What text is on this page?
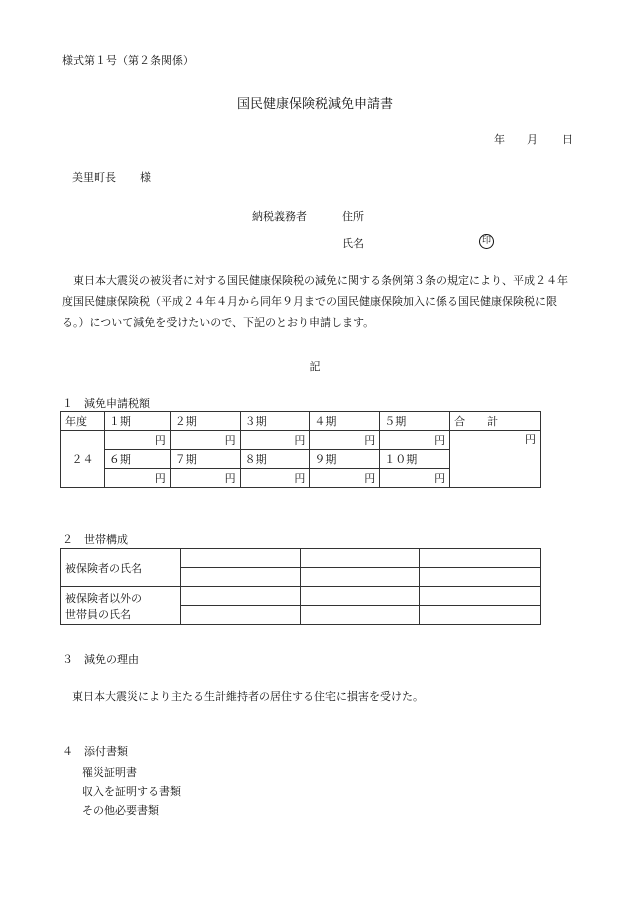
様式第１号（第２条関係）
国民健康保険税減免申請書
年 月 日
美里町長 様
納税義務者	住所
氏名	印
東日本大震災の被災者に対する国民健康保険税の減免に関する条例第３条の規定により、平成２４年度国民健康保険税（平成２４年４月から同年９月までの国民健康保険加入に係る国民健康保険税に限る。）について減免を受けたいので、下記のとおり申請します。
記
１　減免申請税額
年度	１期	２期	３期	４期	５期	合　　計
２４	円	円	円	円	円	円
	６期	７期	８期	９期	１０期	
	円	円	円	円	円	
２　世帯構成
被保険者の氏名			

被保険者以外の
世帯員の氏名			

３　減免の理由
東日本大震災により主たる生計維持者の居住する住宅に損害を受けた。
４　添付書類
罹災証明書
収入を証明する書類
その他必要書類
